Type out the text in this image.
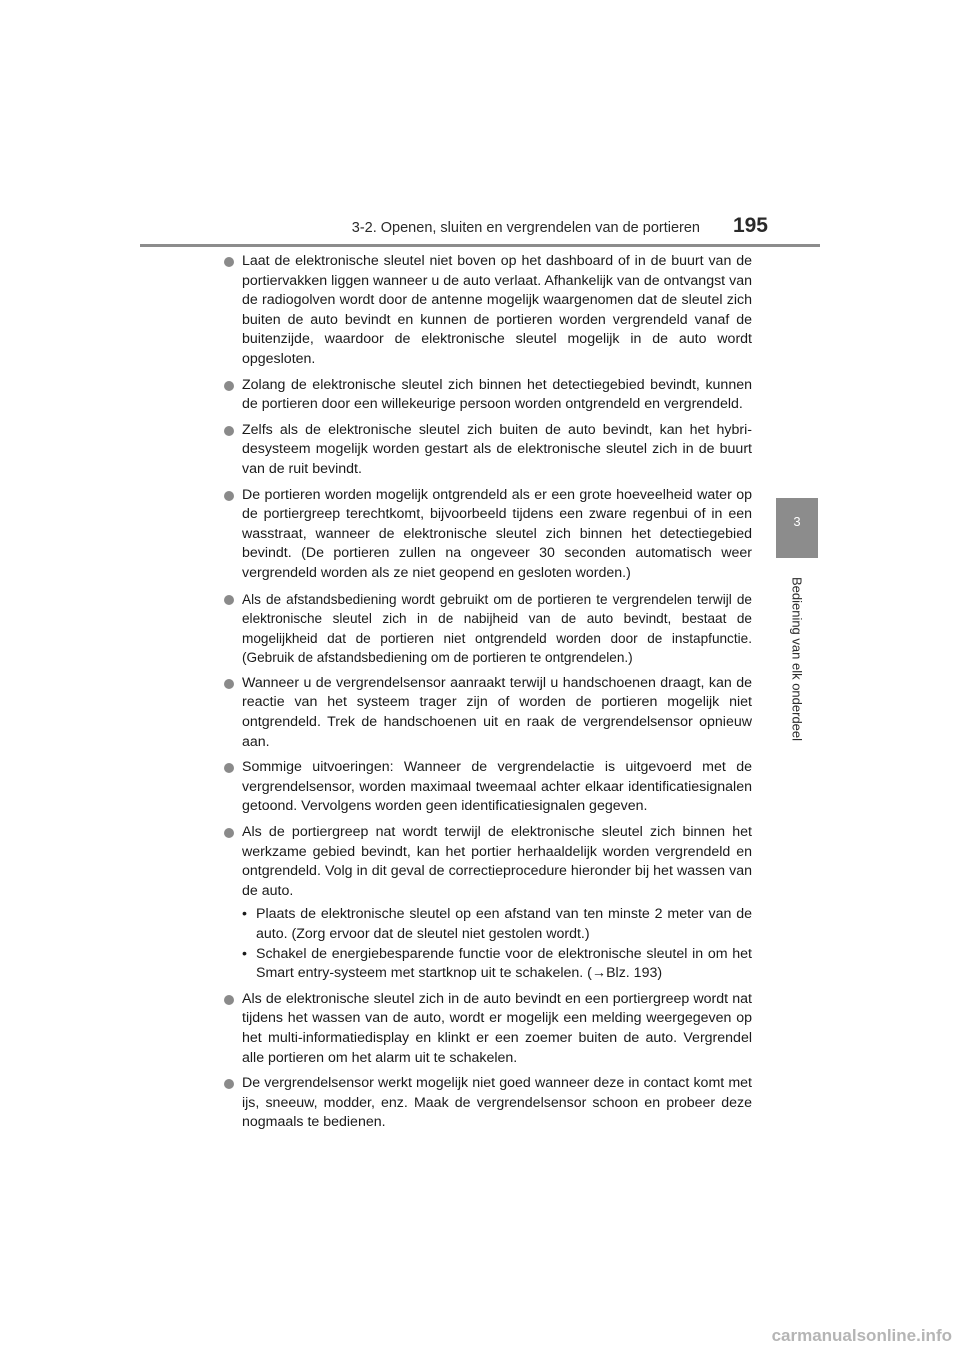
3-2. Openen, sluiten en vergrendelen van de portieren 195
3
Bediening van elk onderdeel
Laat de elektronische sleutel niet boven op het dashboard of in de buurt van de portiervakken liggen wanneer u de auto verlaat. Afhankelijk van de ontvangst van de radiogolven wordt door de antenne mogelijk waargenomen dat de sleutel zich buiten de auto bevindt en kunnen de portieren worden vergrendeld vanaf de buitenzijde, waardoor de elektronische sleutel mogelijk in de auto wordt opgesloten.
Zolang de elektronische sleutel zich binnen het detectiegebied bevindt, kunnen de portieren door een willekeurige persoon worden ontgrendeld en vergrendeld.
Zelfs als de elektronische sleutel zich buiten de auto bevindt, kan het hybridesysteem mogelijk worden gestart als de elektronische sleutel zich in de buurt van de ruit bevindt.
De portieren worden mogelijk ontgrendeld als er een grote hoeveelheid water op de portiergreep terechtkomt, bijvoorbeeld tijdens een zware regenbui of in een wasstraat, wanneer de elektronische sleutel zich binnen het detectiegebied bevindt. (De portieren zullen na ongeveer 30 seconden automatisch weer vergrendeld worden als ze niet geopend en gesloten worden.)
Als de afstandsbediening wordt gebruikt om de portieren te vergrendelen terwijl de elektronische sleutel zich in de nabijheid van de auto bevindt, bestaat de mogelijkheid dat de portieren niet ontgrendeld worden door de instapfunctie. (Gebruik de afstandsbediening om de portieren te ontgrendelen.)
Wanneer u de vergrendelsensor aanraakt terwijl u handschoenen draagt, kan de reactie van het systeem trager zijn of worden de portieren mogelijk niet ontgrendeld. Trek de handschoenen uit en raak de vergrendelsensor opnieuw aan.
Sommige uitvoeringen: Wanneer de vergrendelactie is uitgevoerd met de vergrendelsensor, worden maximaal tweemaal achter elkaar identificatiesignalen getoond. Vervolgens worden geen identificatiesignalen gegeven.
Als de portiergreep nat wordt terwijl de elektronische sleutel zich binnen het werkzame gebied bevindt, kan het portier herhaaldelijk worden vergrendeld en ontgrendeld. Volg in dit geval de correctieprocedure hieronder bij het wassen van de auto.
• Plaats de elektronische sleutel op een afstand van ten minste 2 meter van de auto. (Zorg ervoor dat de sleutel niet gestolen wordt.)
• Schakel de energiebesparende functie voor de elektronische sleutel in om het Smart entry-systeem met startknop uit te schakelen. (→Blz. 193)
Als de elektronische sleutel zich in de auto bevindt en een portiergreep wordt nat tijdens het wassen van de auto, wordt er mogelijk een melding weergegeven op het multi-informatiedisplay en klinkt er een zoemer buiten de auto. Vergrendel alle portieren om het alarm uit te schakelen.
De vergrendelsensor werkt mogelijk niet goed wanneer deze in contact komt met ijs, sneeuw, modder, enz. Maak de vergrendelsensor schoon en probeer deze nogmaals te bedienen.
carmanualsonline.info
